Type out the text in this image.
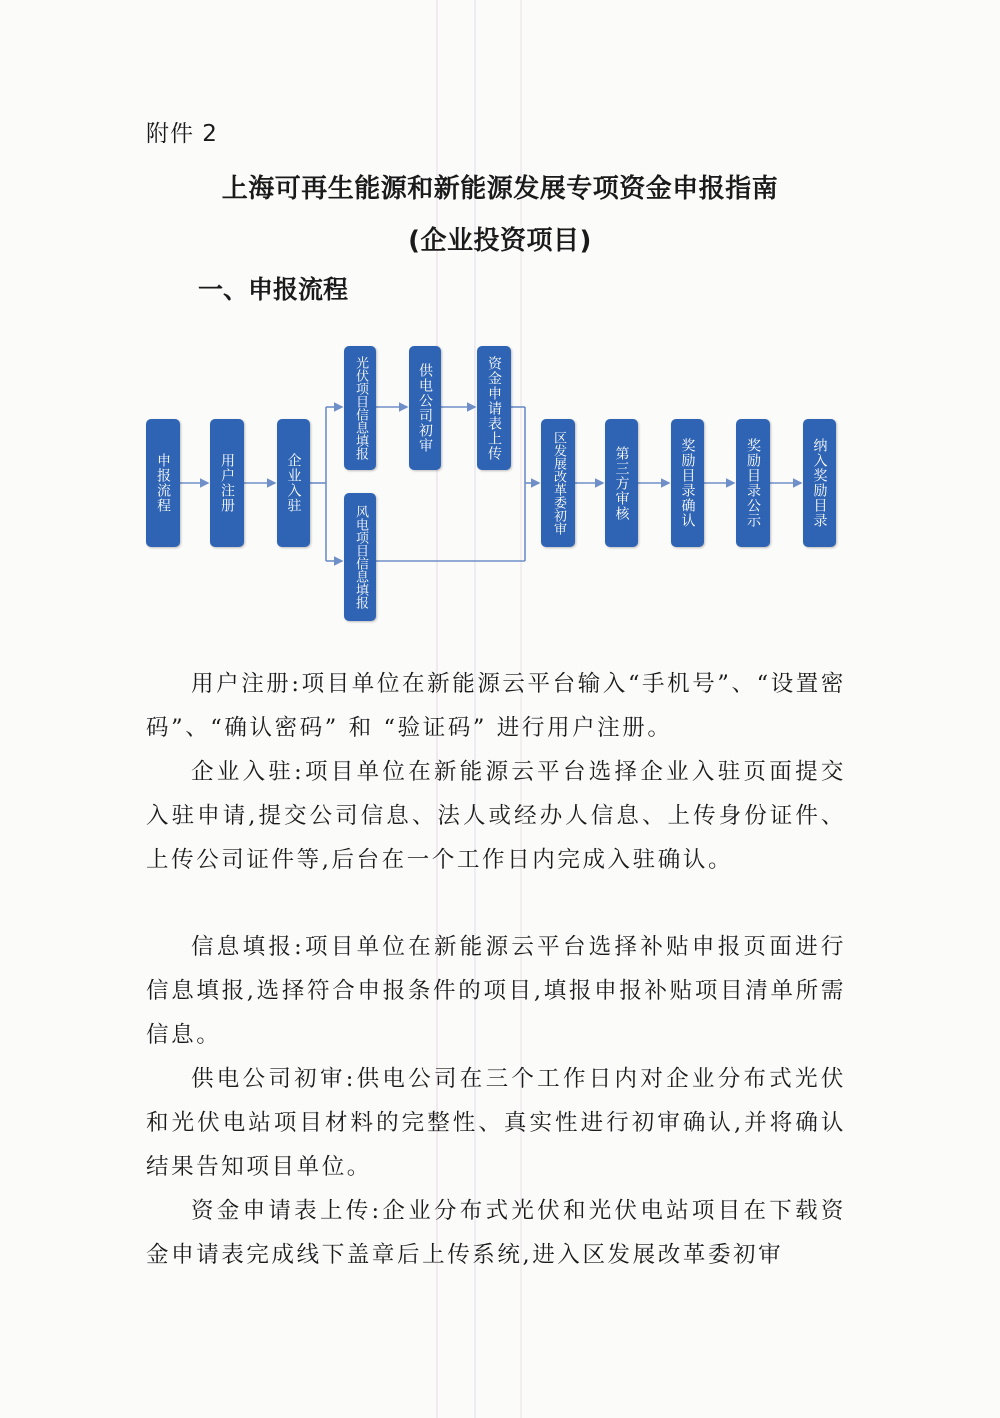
附件 2
上海可再生能源和新能源发展专项资金申报指南
(企业投资项目)
一、申报流程
申报流程	用户注册	企业入驻
光伏项目信息填报
风电项目信息填报
供电公司初审	资金申请表上传
区发展改革委初审	第三方审核	奖励目录确认	奖励目录公示	纳入奖励目录

用户注册:项目单位在新能源云平台输入“手机号”、“设置密码”、“确认密码” 和 “验证码” 进行用户注册。

企业入驻:项目单位在新能源云平台选择企业入驻页面提交入驻申请,提交公司信息、法人或经办人信息、上传身份证件、上传公司证件等,后台在一个工作日内完成入驻确认。

信息填报:项目单位在新能源云平台选择补贴申报页面进行信息填报,选择符合申报条件的项目,填报申报补贴项目清单所需信息。

供电公司初审:供电公司在三个工作日内对企业分布式光伏和光伏电站项目材料的完整性、真实性进行初审确认,并将确认结果告知项目单位。

资金申请表上传:企业分布式光伏和光伏电站项目在下载资金申请表完成线下盖章后上传系统,进入区发展改革委初审
